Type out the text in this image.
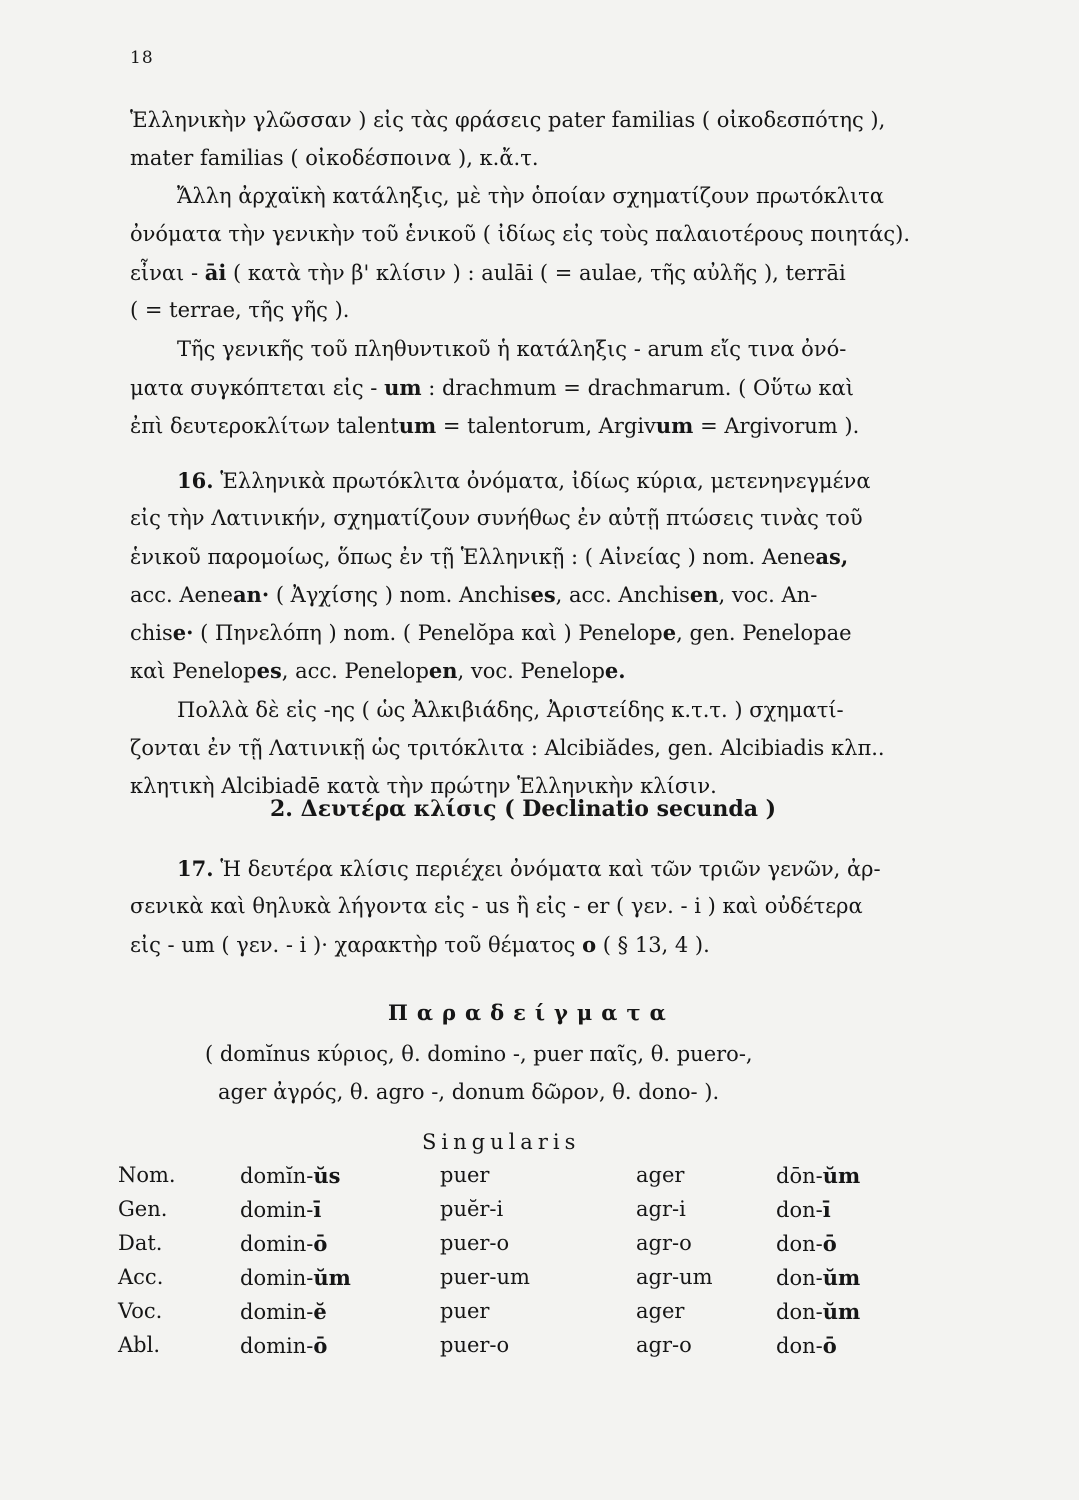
18
Ἑλληνικὴν γλῶσσαν ) εἰς τὰς φράσεις pater familias ( οἰκοδεσπότης ),
mater familias ( οἰκοδέσποινα ), κ.ἄ.τ.
Ἄλλη ἀρχαϊκὴ κατάληξις, μὲ τὴν ὁποίαν σχηματίζουν πρωτόκλιτα
ὀνόματα τὴν γενικὴν τοῦ ἑνικοῦ ( ἰδίως εἰς τοὺς παλαιοτέρους ποιητάς).
εἶναι - āi ( κατὰ τὴν β' κλίσιν ) : aulāi ( = aulae, τῆς αὐλῆς ), terrāi
( = terrae, τῆς γῆς ).
Τῆς γενικῆς τοῦ πληθυντικοῦ ἡ κατάληξις - arum εἴς τινα ὀνό-
ματα συγκόπτεται εἰς - um : drachmum = drachmarum. ( Οὕτω καὶ
ἐπὶ δευτεροκλίτων talentum = talentorum, Argivum = Argivorum ).
16. Ἑλληνικὰ πρωτόκλιτα ὀνόματα, ἰδίως κύρια, μετενηνεγμένα
εἰς τὴν Λατινικήν, σχηματίζουν συνήθως ἐν αὐτῇ πτώσεις τινὰς τοῦ
ἑνικοῦ παρομοίως, ὅπως ἐν τῇ Ἑλληνικῇ : ( Αἰνείας ) nom. Aeneas,
acc. Aenean· ( Ἀγχίσης ) nom. Anchises, acc. Anchisen, voc. An-
chise· ( Πηνελόπη ) nom. ( Penelŏpa καὶ ) Penelope, gen. Penelopae
καὶ Penelopes, acc. Penelopen, voc. Penelope.
Πολλὰ δὲ εἰς -ης ( ὡς Ἀλκιβιάδης, Ἀριστείδης κ.τ.τ. ) σχηματί-
ζονται ἐν τῇ Λατινικῇ ὡς τριτόκλιτα : Alcibiădes, gen. Alcibiadis κλπ..
κλητικὴ Alcibiadē κατὰ τὴν πρώτην Ἑλληνικὴν κλίσιν.
2. Δευτέρα κλίσις ( Declinatio secunda )
17. Ἡ δευτέρα κλίσις περιέχει ὀνόματα καὶ τῶν τριῶν γενῶν, ἀρ-
σενικὰ καὶ θηλυκὰ λήγοντα εἰς - us ἢ εἰς - er ( γεν. - i ) καὶ οὐδέτερα
εἰς - um ( γεν. - i )· χαρακτὴρ τοῦ θέματος o ( § 13, 4 ).
Παραδείγματα
( domĭnus κύριος, θ. domino -, puer παῖς, θ. puero-,
ager ἀγρός, θ. agro -, donum δῶρον, θ. dono- ).
Singularis
Nom.	domĭn-ŭs	puer	ager	dōn-ŭm
Gen.	domin-ī	puĕr-i	agr-i	don-ī
Dat.	domin-ō	puer-o	agr-o	don-ō
Acc.	domin-ŭm	puer-um	agr-um	don-ŭm
Voc.	domin-ĕ	puer	ager	don-ŭm
Abl.	domin-ō	puer-o	agr-o	don-ō
